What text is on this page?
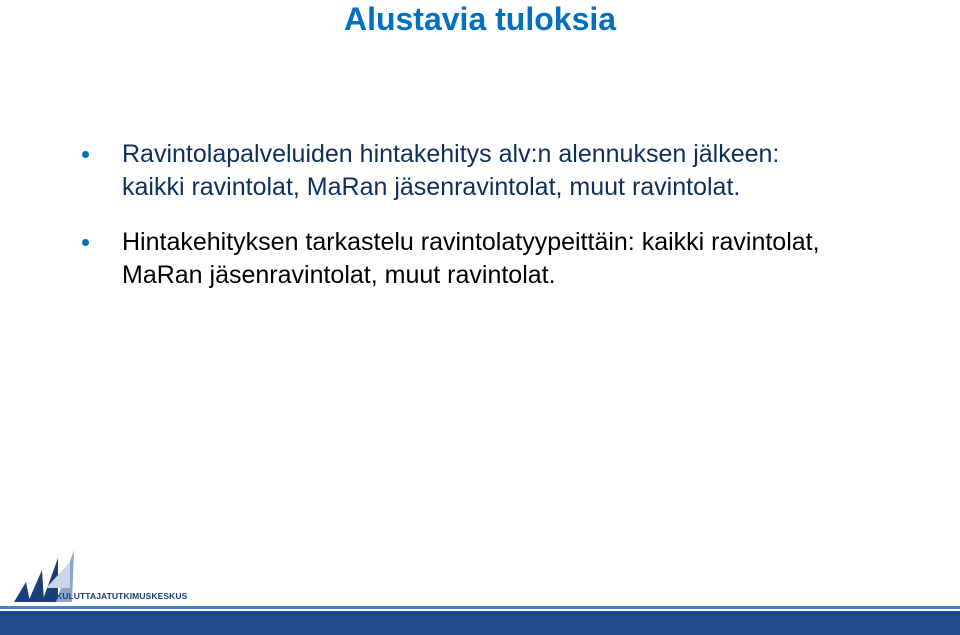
Alustavia tuloksia
Ravintolapalveluiden hintakehitys alv:n alennuksen jälkeen: kaikki ravintolat, MaRan jäsenravintolat, muut ravintolat.
Hintakehityksen tarkastelu ravintolatyypeittäin: kaikki ravintolat, MaRan jäsenravintolat, muut ravintolat.
KULUTTAJATUTKIMUSKESKUS
